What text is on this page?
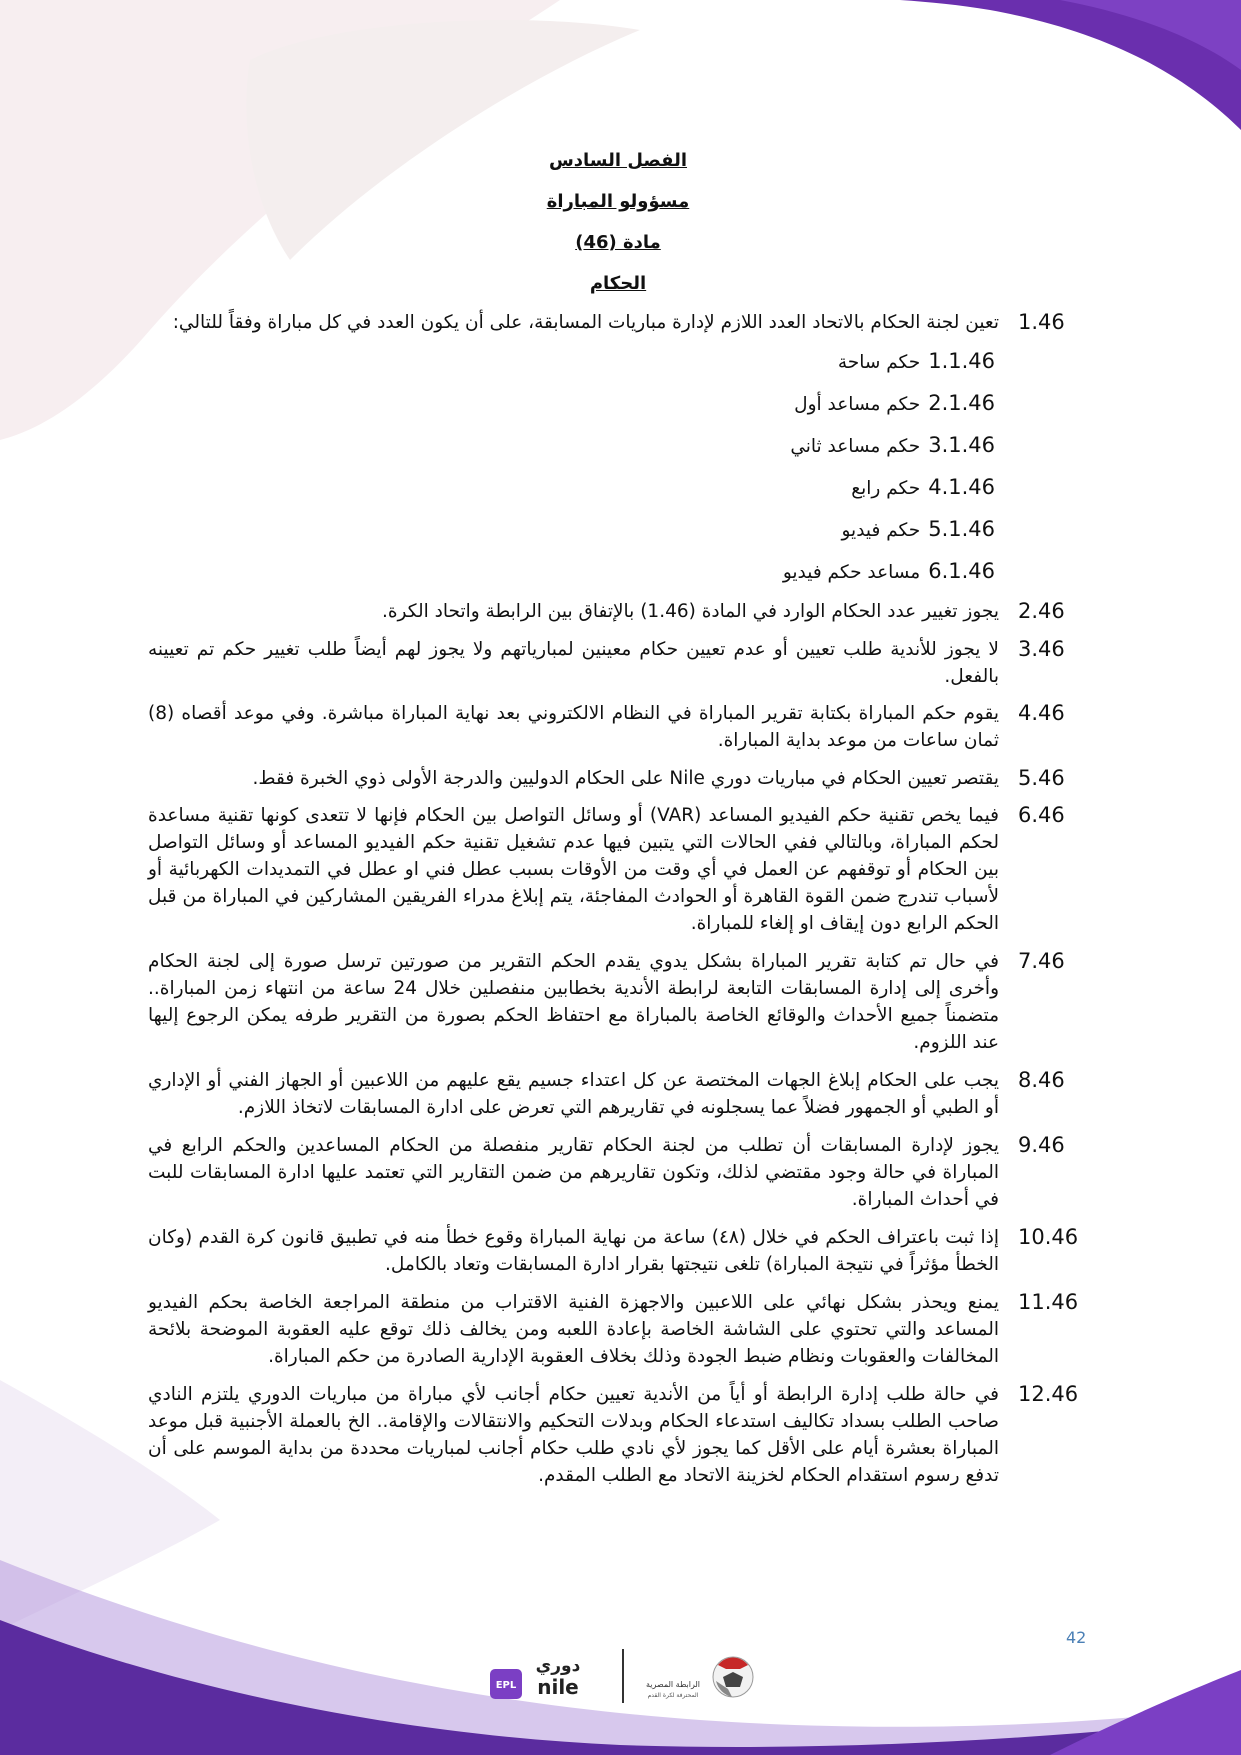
الفصل السادس
مسؤولو المباراة
مادة (46)
الحكام
1.46
تعين لجنة الحكام بالاتحاد العدد اللازم لإدارة مباريات المسابقة، على أن يكون العدد في كل مباراة وفقاً للتالي:
1.1.46حكم ساحة
2.1.46حكم مساعد أول
3.1.46حكم مساعد ثاني
4.1.46حكم رابع
5.1.46حكم فيديو
6.1.46مساعد حكم فيديو
2.46
يجوز تغيير عدد الحكام الوارد في المادة (1.46) بالإتفاق بين الرابطة واتحاد الكرة.
3.46
لا يجوز للأندية طلب تعيين أو عدم تعيين حكام معينين لمبارياتهم ولا يجوز لهم أيضاً طلب تغيير حكم تم تعيينه بالفعل.
4.46
يقوم حكم المباراة بكتابة تقرير المباراة في النظام الالكتروني بعد نهاية المباراة مباشرة. وفي موعد أقصاه (8) ثمان ساعات من موعد بداية المباراة.
5.46
يقتصر تعيين الحكام في مباريات دوري Nile على الحكام الدوليين والدرجة الأولى ذوي الخبرة فقط.
6.46
فيما يخص تقنية حكم الفيديو المساعد (VAR) أو وسائل التواصل بين الحكام فإنها لا تتعدى كونها تقنية مساعدة لحكم المباراة، وبالتالي ففي الحالات التي يتبين فيها عدم تشغيل تقنية حكم الفيديو المساعد أو وسائل التواصل بين الحكام أو توقفهم عن العمل في أي وقت من الأوقات بسبب عطل فني او عطل في التمديدات الكهربائية أو لأسباب تندرج ضمن القوة القاهرة أو الحوادث المفاجئة، يتم إبلاغ مدراء الفريقين المشاركين في المباراة من قبل الحكم الرابع دون إيقاف او إلغاء للمباراة.
7.46
في حال تم كتابة تقرير المباراة بشكل يدوي يقدم الحكم التقرير من صورتين ترسل صورة إلى لجنة الحكام وأخرى إلى إدارة المسابقات التابعة لرابطة الأندية بخطابين منفصلين خلال 24 ساعة من انتهاء زمن المباراة.. متضمناً جميع الأحداث والوقائع الخاصة بالمباراة مع احتفاظ الحكم بصورة من التقرير طرفه يمكن الرجوع إليها عند اللزوم.
8.46
يجب على الحكام إبلاغ الجهات المختصة عن كل اعتداء جسيم يقع عليهم من اللاعبين أو الجهاز الفني أو الإداري أو الطبي أو الجمهور فضلاً عما يسجلونه في تقاريرهم التي تعرض على ادارة المسابقات لاتخاذ اللازم.
9.46
يجوز لإدارة المسابقات أن تطلب من لجنة الحكام تقارير منفصلة من الحكام المساعدين والحكم الرابع في المباراة في حالة وجود مقتضي لذلك، وتكون تقاريرهم من ضمن التقارير التي تعتمد عليها ادارة المسابقات للبت في أحداث المباراة.
10.46
إذا ثبت باعتراف الحكم في خلال (٤٨) ساعة من نهاية المباراة وقوع خطأ منه في تطبيق قانون كرة القدم (وكان الخطأ مؤثراً في نتيجة المباراة) تلغى نتيجتها بقرار ادارة المسابقات وتعاد بالكامل.
11.46
يمنع ويحذر بشكل نهائي على اللاعبين والاجهزة الفنية الاقتراب من منطقة المراجعة الخاصة بحكم الفيديو المساعد والتي تحتوي على الشاشة الخاصة بإعادة اللعبه ومن يخالف ذلك توقع عليه العقوبة الموضحة بلائحة المخالفات والعقوبات ونظام ضبط الجودة وذلك بخلاف العقوبة الإدارية الصادرة من حكم المباراة.
12.46
في حالة طلب إدارة الرابطة أو أياً من الأندية تعيين حكام أجانب لأي مباراة من مباريات الدوري يلتزم النادي صاحب الطلب بسداد تكاليف استدعاء الحكام وبدلات التحكيم والانتقالات والإقامة.. الخ بالعملة الأجنبية قبل موعد المباراة بعشرة أيام على الأقل كما يجوز لأي نادي طلب حكام أجانب لمباريات محددة من بداية الموسم على أن تدفع رسوم استقدام الحكام لخزينة الاتحاد مع الطلب المقدم.
42
EPL
دوري
nile	الرابطة المصرية
المحترفة لكرة القدم
